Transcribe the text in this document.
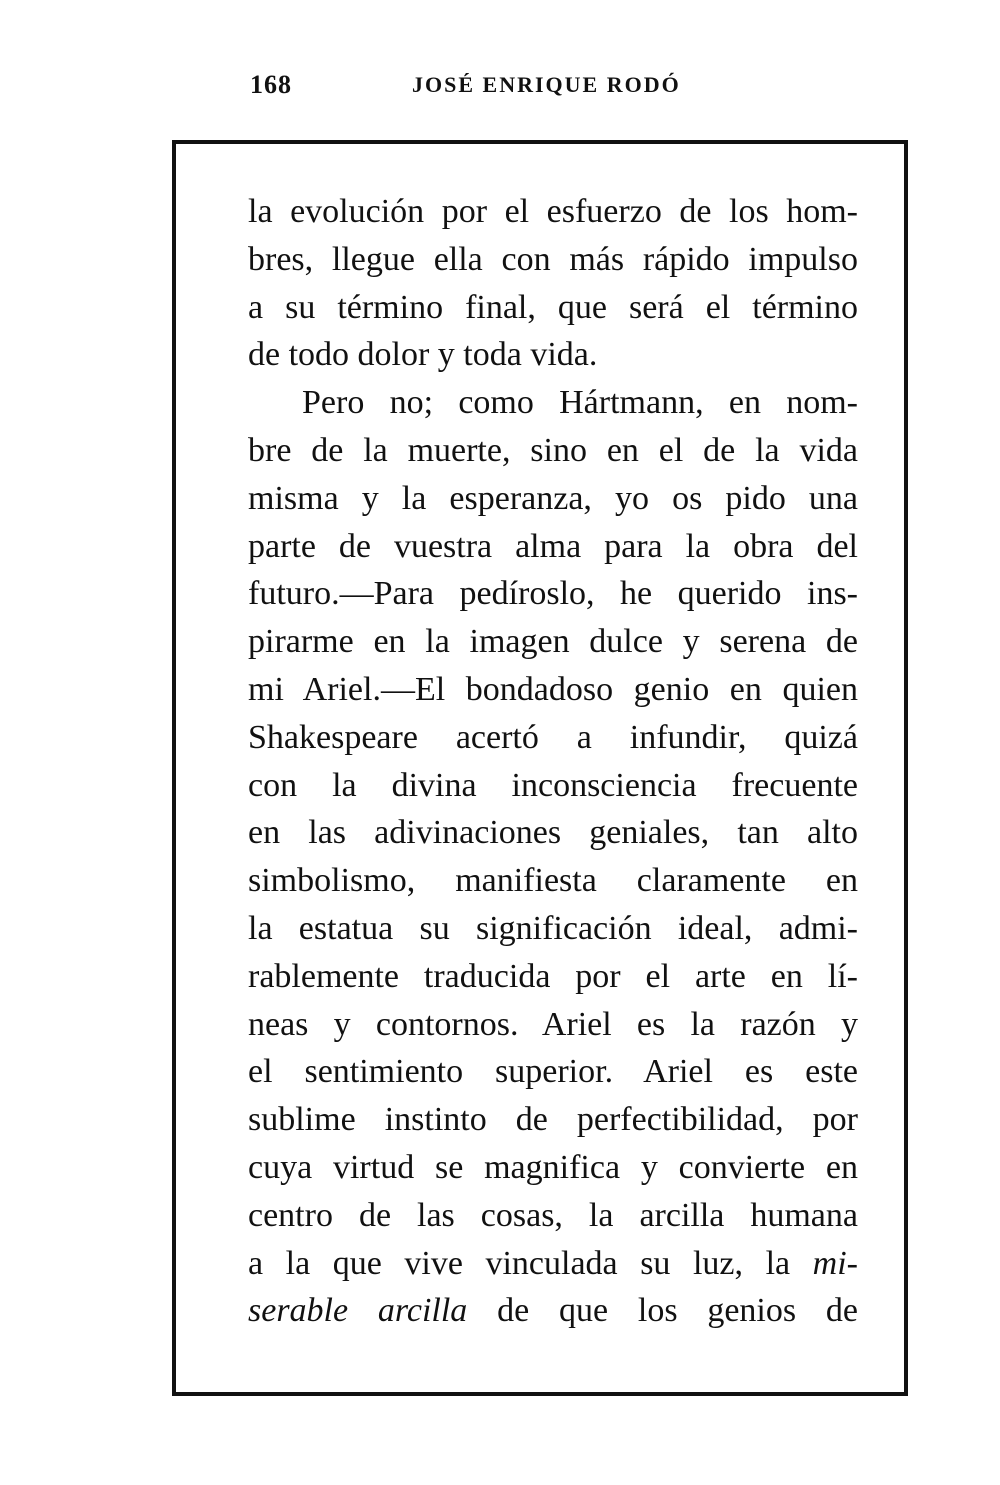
168	JOSÉ ENRIQUE RODÓ
la evolución por el esfuerzo de los hom-
bres, llegue ella con más rápido impulso
a su término final, que será el término
de todo dolor y toda vida.
Pero no; como Hártmann, en nom-
bre de la muerte, sino en el de la vida
misma y la esperanza, yo os pido una
parte de vuestra alma para la obra del
futuro.—Para pedíroslo, he querido ins-
pirarme en la imagen dulce y serena de
mi Ariel.—El bondadoso genio en quien
Shakespeare acertó a infundir, quizá
con la divina inconsciencia frecuente
en las adivinaciones geniales, tan alto
simbolismo, manifiesta claramente en
la estatua su significación ideal, admi-
rablemente traducida por el arte en lí-
neas y contornos. Ariel es la razón y
el sentimiento superior. Ariel es este
sublime instinto de perfectibilidad, por
cuya virtud se magnifica y convierte en
centro de las cosas, la arcilla humana
a la que vive vinculada su luz, la mi-
serable arcilla de que los genios de
